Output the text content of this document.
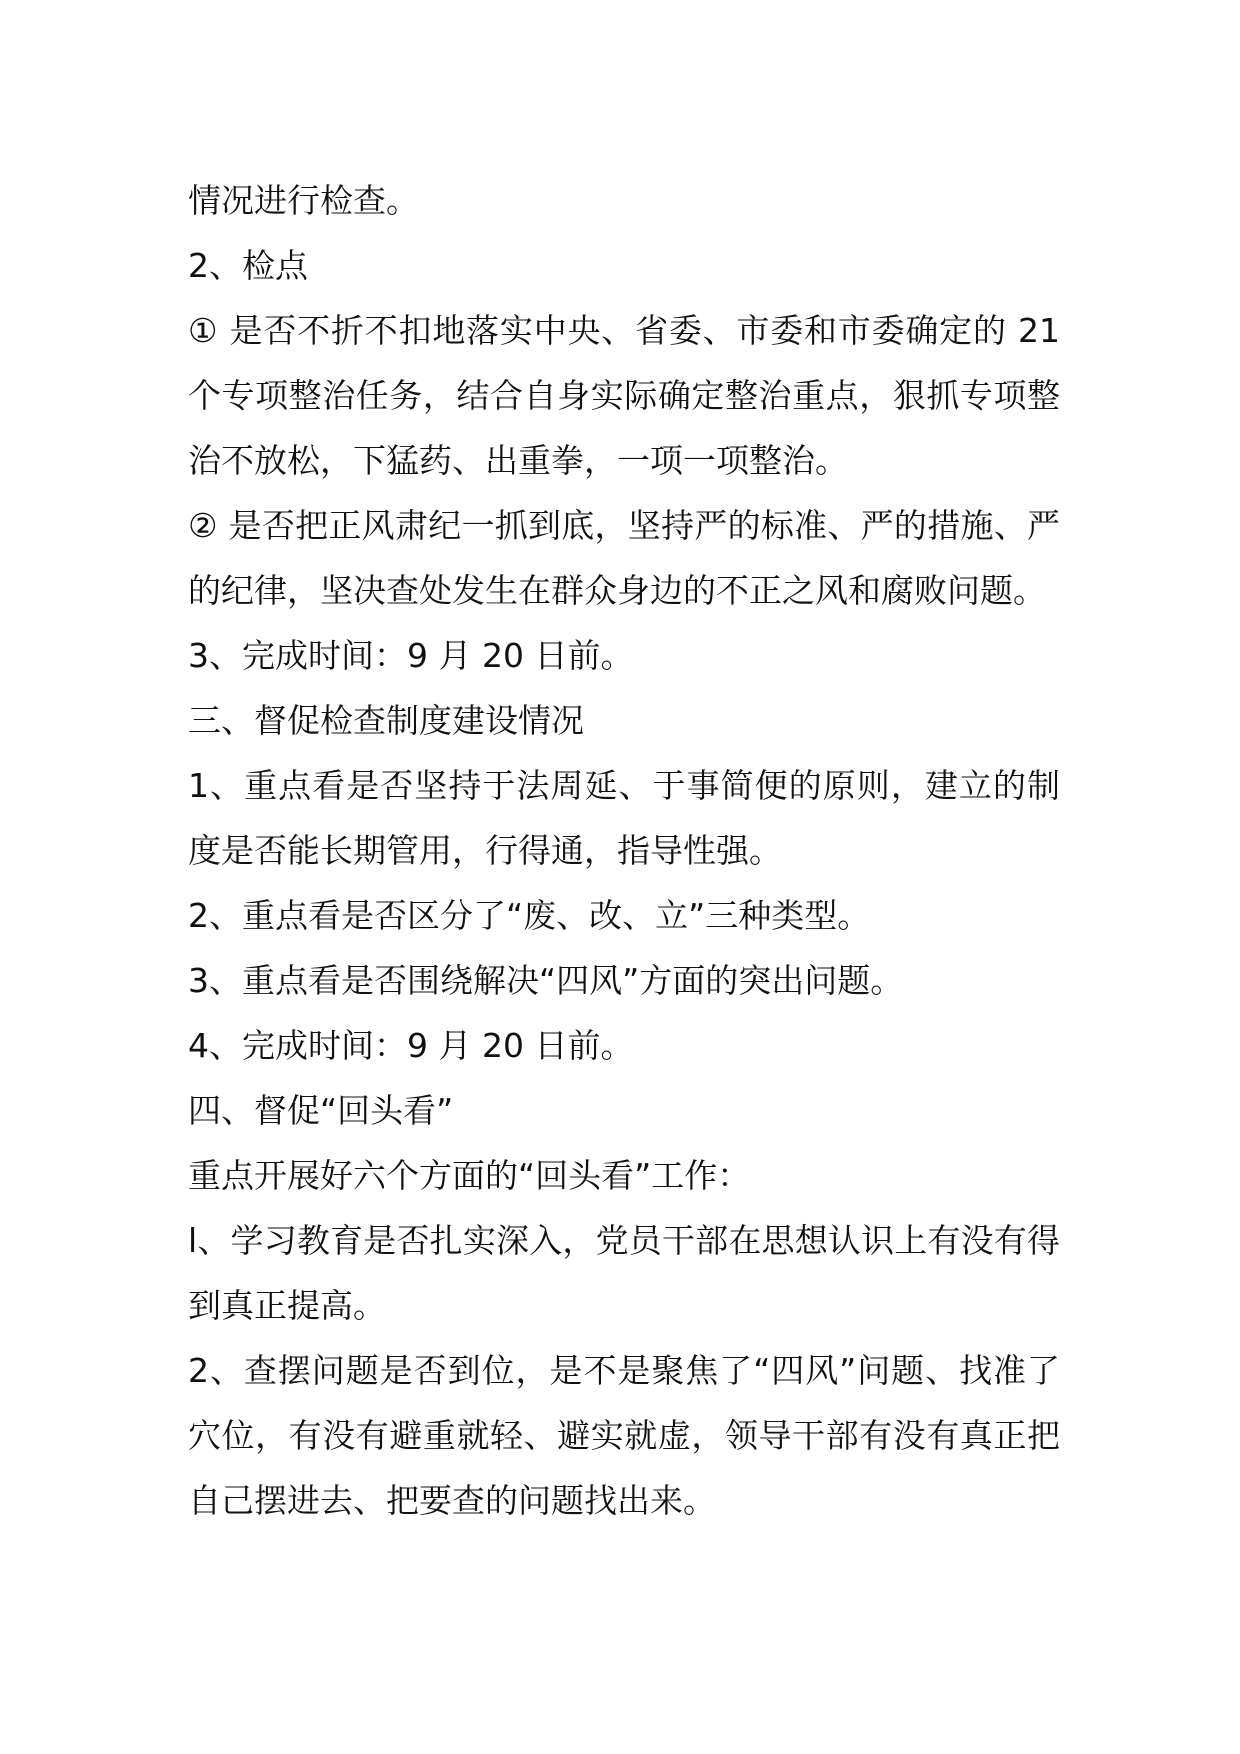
情况进行检查。

2、检点

① 是否不折不扣地落实中央、省委、市委和市委确定的 21 个专项整治任务，结合自身实际确定整治重点，狠抓专项整治不放松，下猛药、出重拳，一项一项整治。

② 是否把正风肃纪一抓到底，坚持严的标准、严的措施、严的纪律，坚决查处发生在群众身边的不正之风和腐败问题。

3、完成时间：9 月 20 日前。

三、督促检查制度建设情况

1、重点看是否坚持于法周延、于事简便的原则，建立的制度是否能长期管用，行得通，指导性强。

2、重点看是否区分了“废、改、立”三种类型。

3、重点看是否围绕解决“四风”方面的突出问题。

4、完成时间：9 月 20 日前。

四、督促“回头看”

重点开展好六个方面的“回头看”工作：

l、学习教育是否扎实深入，党员干部在思想认识上有没有得到真正提高。

2、查摆问题是否到位，是不是聚焦了“四风”问题、找准了穴位，有没有避重就轻、避实就虚，领导干部有没有真正把自己摆进去、把要查的问题找出来。
